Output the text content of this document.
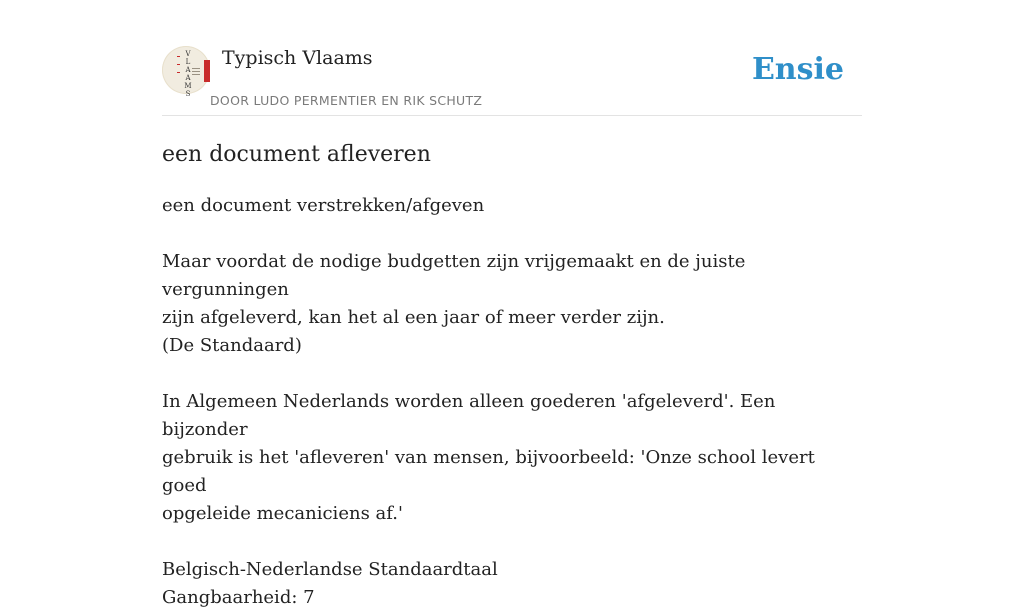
V
L
A
A
M
S
Typisch Vlaams
DOOR LUDO PERMENTIER EN RIK SCHUTZ
Ensie
een document afleveren

een document verstrekken/afgeven

Maar voordat de nodige budgetten zijn vrijgemaakt en de juiste vergunningen

zijn afgeleverd, kan het al een jaar of meer verder zijn.

(De Standaard)

In Algemeen Nederlands worden alleen goederen 'afgeleverd'. Een bijzonder

gebruik is het 'afleveren' van mensen, bijvoorbeeld: 'Onze school levert goed

opgeleide mecaniciens af.'

Belgisch-Nederlandse Standaardtaal

Gangbaarheid: 7
